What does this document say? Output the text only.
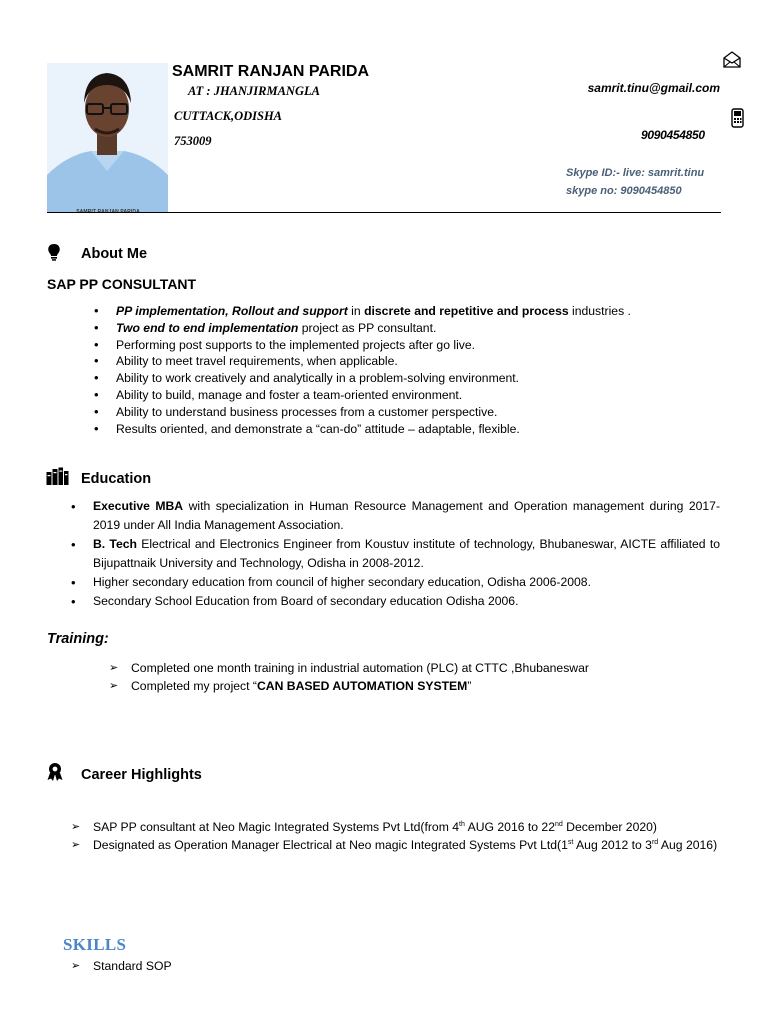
SAMRIT RANJAN PARIDA
SAMRIT RANJAN PARIDA
AT : JHANJIRMANGLA
CUTTACK,ODISHA
753009
samrit.tinu@gmail.com
9090454850
Skype ID:- live: samrit.tinu
skype no: 9090454850
About Me
SAP PP CONSULTANT
• PP implementation, Rollout and support in discrete and repetitive and process industries .
• Two end to end implementation project as PP consultant.
• Performing post supports to the implemented projects after go live.
• Ability to meet travel requirements, when applicable.
• Ability to work creatively and analytically in a problem-solving environment.
• Ability to build, manage and foster a team-oriented environment.
• Ability to understand business processes from a customer perspective.
• Results oriented, and demonstrate a “can-do” attitude – adaptable, flexible.
Education
• Executive MBA with specialization in Human Resource Management and Operation management during 2017-2019 under All India Management Association.
• B. Tech Electrical and Electronics Engineer from Koustuv institute of technology, Bhubaneswar, AICTE affiliated to Bijupattnaik University and Technology, Odisha in 2008-2012.
• Higher secondary education from council of higher secondary education, Odisha 2006-2008.
• Secondary School Education from Board of secondary education Odisha 2006.
Training:
➢ Completed one month training in industrial automation (PLC) at CTTC ,Bhubaneswar
➢ Completed my project “CAN BASED AUTOMATION SYSTEM”
Career Highlights
➢ SAP PP consultant at Neo Magic Integrated Systems Pvt Ltd(from 4th AUG 2016 to 22nd December 2020)
➢ Designated as Operation Manager Electrical at Neo magic Integrated Systems Pvt Ltd(1st Aug 2012 to 3rd Aug 2016)
SKILLS
➢ Standard SOP
